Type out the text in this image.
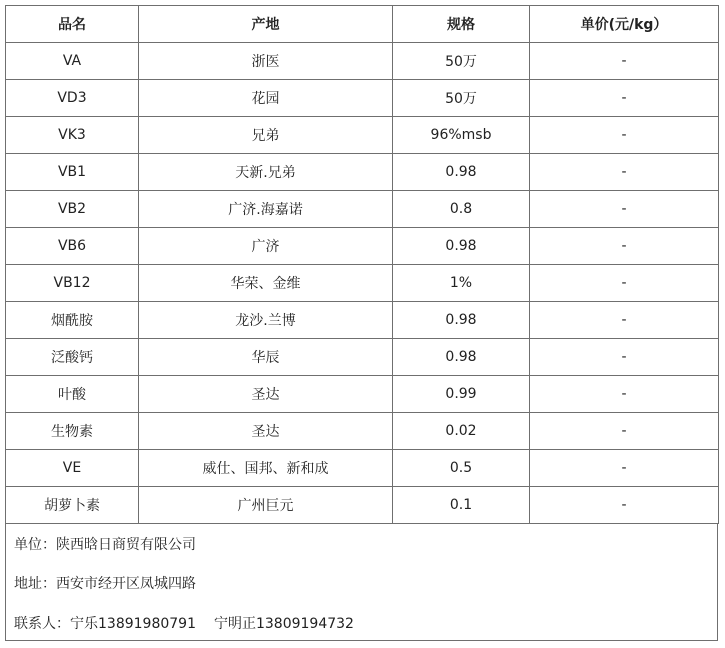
品名	产地	规格	单价(元/kg）
VA	浙医	50万	-
VD3	花园	50万	-
VK3	兄弟	96%msb	-
VB1	天新.兄弟	0.98	-
VB2	广济.海嘉诺	0.8	-
VB6	广济	0.98	-
VB12	华荣、金维	1%	-
烟酰胺	龙沙.兰博	0.98	-
泛酸钙	华辰	0.98	-
叶酸	圣达	0.99	-
生物素	圣达	0.02	-
VE	威仕、国邦、新和成	0.5	-
胡萝卜素	广州巨元	0.1	-
单位：陕西晗日商贸有限公司
地址：西安市经开区凤城四路
联系人：宁乐13891980791 宁明正13809194732
